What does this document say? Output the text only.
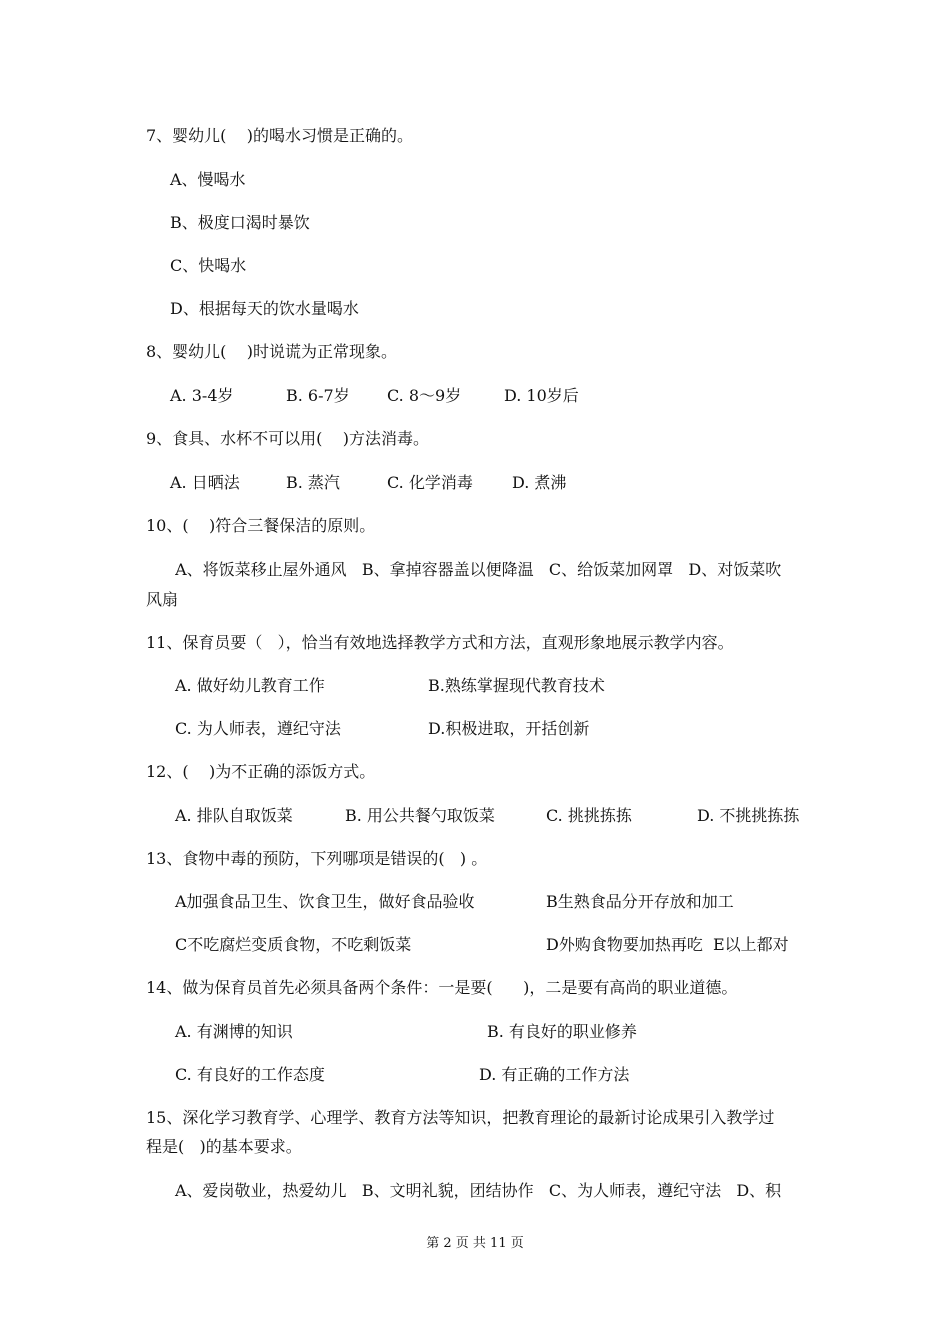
7、婴幼儿(    )的喝水习惯是正确的。
A、慢喝水
B、极度口渴时暴饮
C、快喝水
D、根据每天的饮水量喝水
8、婴幼儿(    )时说谎为正常现象。
A. 3-4岁	B. 6-7岁 C. 8～9岁	D. 10岁后
9、食具、水杯不可以用(    )方法消毒。
A. 日晒法	B. 蒸汽	C. 化学消毒 D. 煮沸
10、(    )符合三餐保洁的原则。
A、将饭菜移止屋外通风   B、拿掉容器盖以便降温   C、给饭菜加网罩   D、对饭菜吹
风扇
11、保育员要（   ），恰当有效地选择教学方式和方法，直观形象地展示教学内容。
A. 做好幼儿教育工作	B.熟练掌握现代教育技术
C. 为人师表，遵纪守法	D.积极进取，开括创新
12、(    )为不正确的添饭方式。
A. 排队自取饭菜	B. 用公共餐勺取饭菜	C. 挑挑拣拣	D. 不挑挑拣拣
13、食物中毒的预防，下列哪项是错误的(   ) 。
A加强食品卫生、饮食卫生，做好食品验收	B生熟食品分开存放和加工
C不吃腐烂变质食物，不吃剩饭菜	D外购食物要加热再吃  E以上都对
14、做为保育员首先必须具备两个条件：一是要(      )，二是要有高尚的职业道德。
A. 有渊博的知识	B. 有良好的职业修养
C. 有良好的工作态度	D. 有正确的工作方法
15、深化学习教育学、心理学、教育方法等知识，把教育理论的最新讨论成果引入教学过
程是(   )的基本要求。
A、爱岗敬业，热爱幼儿   B、文明礼貌，团结协作   C、为人师表，遵纪守法   D、积
第 2 页 共 11 页
